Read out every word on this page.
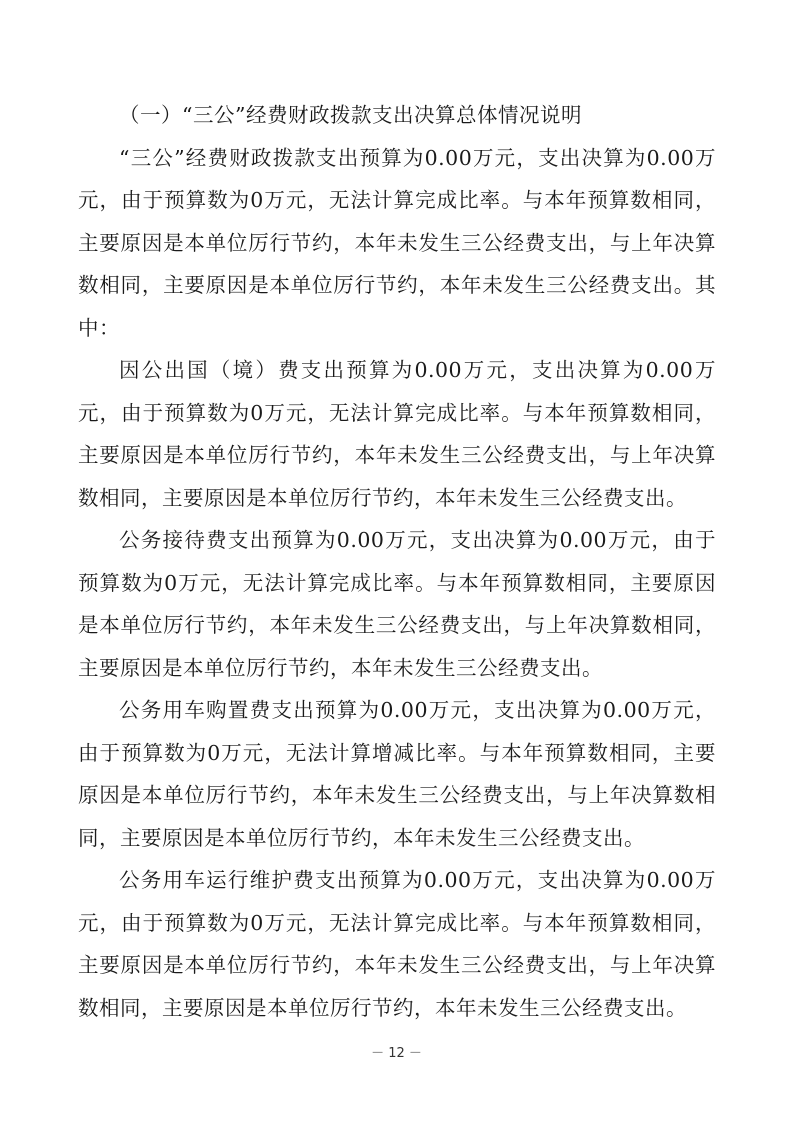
（一）“三公”经费财政拨款支出决算总体情况说明

“三公”经费财政拨款支出预算为0.00万元，支出决算为0.00万元，由于预算数为0万元，无法计算完成比率。与本年预算数相同，主要原因是本单位厉行节约，本年未发生三公经费支出，与上年决算数相同，主要原因是本单位厉行节约，本年未发生三公经费支出。其中：

因公出国（境）费支出预算为0.00万元，支出决算为0.00万元，由于预算数为0万元，无法计算完成比率。与本年预算数相同，主要原因是本单位厉行节约，本年未发生三公经费支出，与上年决算数相同，主要原因是本单位厉行节约，本年未发生三公经费支出。

公务接待费支出预算为0.00万元，支出决算为0.00万元，由于预算数为0万元，无法计算完成比率。与本年预算数相同，主要原因是本单位厉行节约，本年未发生三公经费支出，与上年决算数相同，主要原因是本单位厉行节约，本年未发生三公经费支出。

公务用车购置费支出预算为0.00万元，支出决算为0.00万元，由于预算数为0万元，无法计算增减比率。与本年预算数相同，主要原因是本单位厉行节约，本年未发生三公经费支出，与上年决算数相同，主要原因是本单位厉行节约，本年未发生三公经费支出。

公务用车运行维护费支出预算为0.00万元，支出决算为0.00万元，由于预算数为0万元，无法计算完成比率。与本年预算数相同，主要原因是本单位厉行节约，本年未发生三公经费支出，与上年决算数相同，主要原因是本单位厉行节约，本年未发生三公经费支出。

－ 12 －
